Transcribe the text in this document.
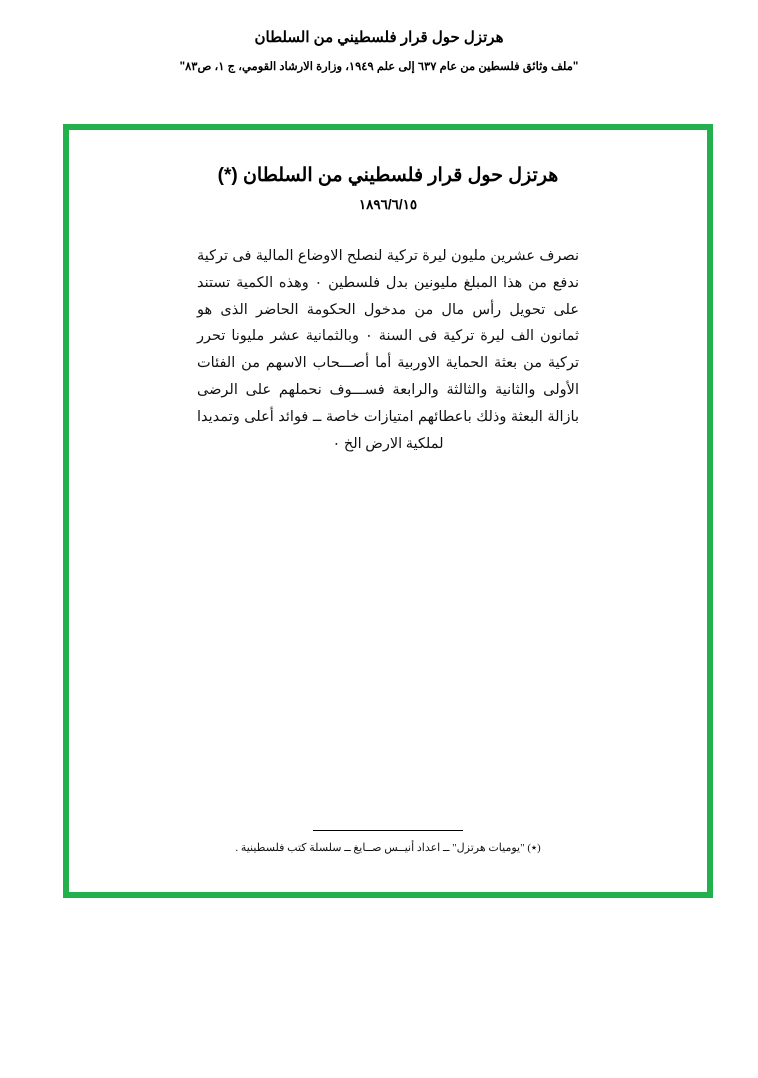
هرتزل حول قرار فلسطيني من السلطان
"ملف وثائق فلسطين من عام ٦٣٧ إلى علم ١٩٤٩، وزارة الارشاد القومي، ج ١، ص٨٣"
هرتزل حول قرار فلسطيني من السلطان (*)
١٨٩٦/٦/١٥
نصرف عشرين مليون ليرة تركية لنصلح الاوضاع المالية فى تركية ندفع من هذا المبلغ مليونين بدل فلسطين ٠ وهذه الكمية تستند على تحويل رأس مال من مدخول الحكومة الحاضر الذى هو ثمانون الف ليرة تركية فى السنة ٠ وبالثمانية عشر مليونا تحرر تركية من بعثة الحماية الاوربية أما أصـــحاب الاسهم من الفئات الأولى والثانية والثالثة والرابعة فســـوف نحملهم على الرضى بازالة البعثة وذلك باعطائهم امتيازات خاصة ــ فوائد أعلى وتمديدا لملكية الارض الخ ٠
(٭) "يوميات هرتزل" ــ اعداد أنيــس صــايغ ــ سلسلة كتب فلسطينية .
